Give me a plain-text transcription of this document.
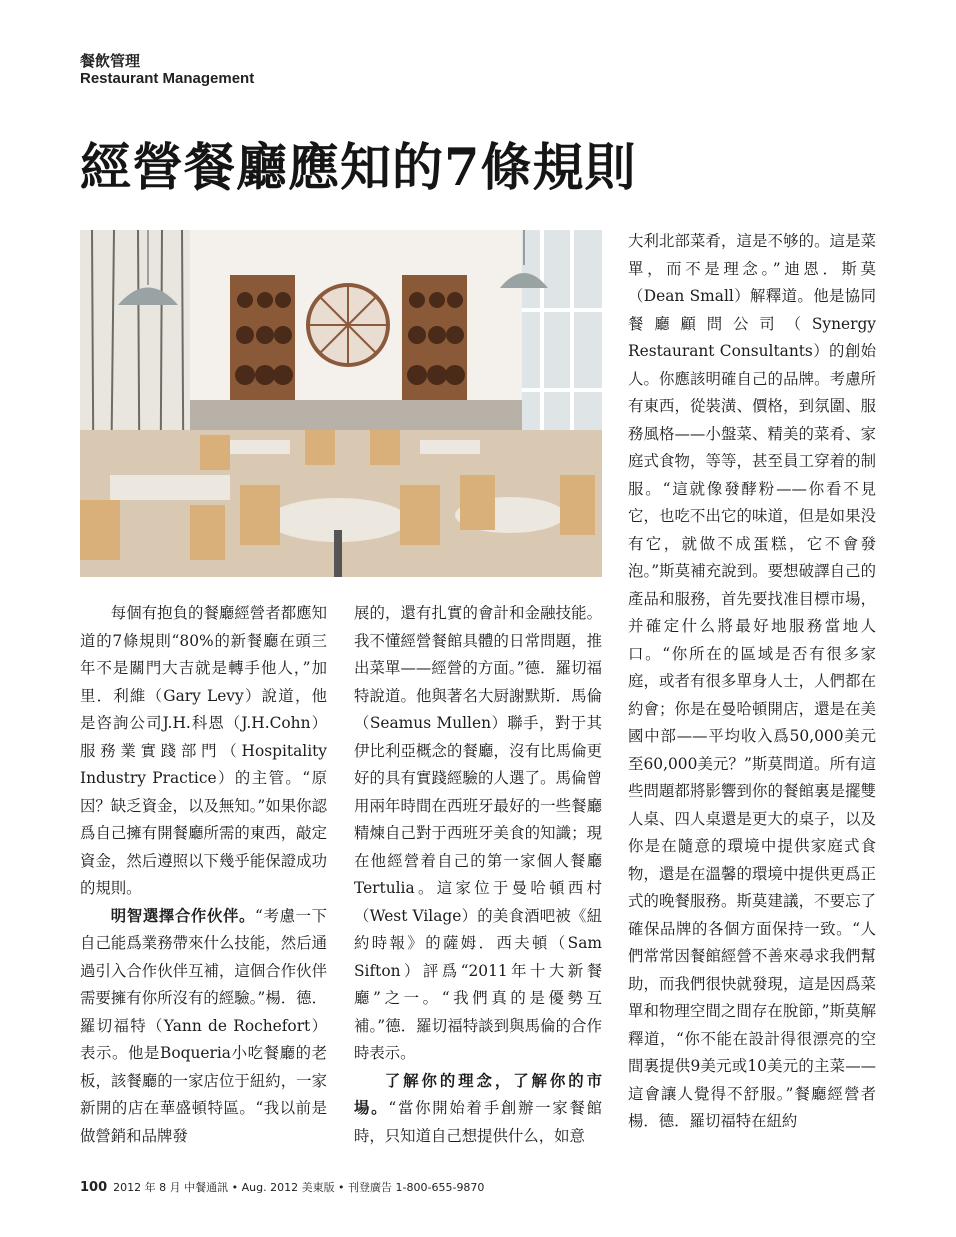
餐飲管理
Restaurant Management
經營餐廳應知的7條規則

每個有抱負的餐廳經營者都應知道的7條規則“80%的新餐廳在頭三年不是關門大吉就是轉手他人，”加里．利維（Gary Levy）說道，他是咨詢公司J.H.科恩（J.H.Cohn）服務業實踐部門（Hospitality Industry Practice）的主管。“原因？缺乏資金，以及無知。”如果你認爲自己擁有開餐廳所需的東西，敲定資金，然后遵照以下幾乎能保證成功的規則。

明智選擇合作伙伴。“考慮一下自己能爲業務帶來什么技能，然后通過引入合作伙伴互補，這個合作伙伴需要擁有你所沒有的經驗。”楊．德．羅切福特（Yann de Rochefort）表示。他是Boqueria小吃餐廳的老板，該餐廳的一家店位于紐約，一家新開的店在華盛頓特區。“我以前是做營銷和品牌發

展的，還有扎實的會計和金融技能。我不懂經營餐館具體的日常問題，推出菜單——經營的方面。”德．羅切福特說道。他與著名大厨謝默斯．馬倫（Seamus Mullen）聯手，對于其伊比利亞概念的餐廳，沒有比馬倫更好的具有實踐經驗的人選了。馬倫曾用兩年時間在西班牙最好的一些餐廳精煉自己對于西班牙美食的知識；現在他經營着自己的第一家個人餐廳Tertulia。這家位于曼哈頓西村（West Vilage）的美食酒吧被《紐約時報》的薩姆．西夫頓（Sam Sifton）評爲“2011年十大新餐廳”之一。“我們真的是優勢互補。”德．羅切福特談到與馬倫的合作時表示。

了解你的理念，了解你的市場。“當你開始着手創辦一家餐館時，只知道自己想提供什么，如意

大利北部菜肴，這是不够的。這是菜單，而不是理念。”迪恩．斯莫（Dean Small）解釋道。他是協同餐廳顧問公司（Synergy Restaurant Consultants）的創始人。你應該明確自己的品牌。考慮所有東西，從裝潢、價格，到氛圍、服務風格——小盤菜、精美的菜肴、家庭式食物，等等，甚至員工穿着的制服。“這就像發酵粉——你看不見它，也吃不出它的味道，但是如果没有它，就做不成蛋糕，它不會發泡。”斯莫補充說到。要想破譯自己的產品和服務，首先要找准目標市場，并確定什么將最好地服務當地人口。“你所在的區域是否有很多家庭，或者有很多單身人士，人們都在約會；你是在曼哈頓開店，還是在美國中部——平均收入爲50,000美元至60,000美元？”斯莫問道。所有這些問題都將影響到你的餐館裏是擺雙人桌、四人桌還是更大的桌子，以及你是在隨意的環境中提供家庭式食物，還是在溫馨的環境中提供更爲正式的晚餐服務。斯莫建議，不要忘了確保品牌的各個方面保持一致。“人們常常因餐館經營不善來尋求我們幫助，而我們很快就發現，這是因爲菜單和物理空間之間存在脫節，”斯莫解釋道，“你不能在設計得很漂亮的空間裏提供9美元或10美元的主菜——這會讓人覺得不舒服。”餐廳經營者楊．德．羅切福特在紐約

100 2012 年 8 月 中餐通訊 • Aug. 2012 美東版 • 刊登廣告 1-800-655-9870
